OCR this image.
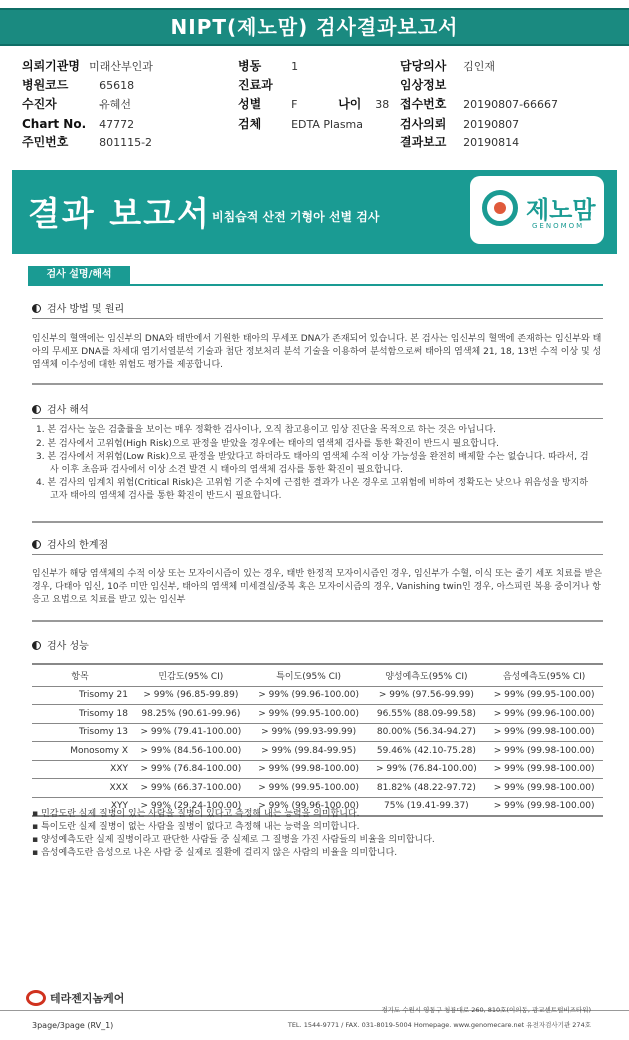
NIPT(제노맘) 검사결과보고서
의뢰기관명 미래산부인과
병원코드	65618
수진자	유혜선
Chart No. 47772
주민번호	801115-2
병동	1
진료과
성별	F	나이 38
검체	EDTA Plasma
담당의사 김인재
임상정보
접수번호 20190807-66667
검사의뢰 20190807
결과보고 20190814
결과 보고서 비침습적 산전 기형아 선별 검사	제노맘
GENOMOM
검사 설명/해석
검사 방법 및 원리
임신부의 혈액에는 임신부의 DNA와 태반에서 기원한 태아의 무세포 DNA가 존재되어 있습니다. 본 검사는 임신부의 혈액에 존재하는 임신부와 태아의 무세포 DNA를 차세대 염기서열분석 기술과 첨단 정보처리 분석 기술을 이용하여 분석함으로써 태아의 염색체 21, 18, 13번 수적 이상 및 성염색체 이수성에 대한 위험도 평가를 제공합니다.
검사 해석
1. 본 검사는 높은 검출률을 보이는 매우 정확한 검사이나, 오직 참고용이고 임상 진단을 목적으로 하는 것은 아닙니다.
2. 본 검사에서 고위험(High Risk)으로 판정을 받았을 경우에는 태아의 염색체 검사를 통한 확진이 반드시 필요합니다.
3. 본 검사에서 저위험(Low Risk)으로 판정을 받았다고 하더라도 태아의 염색체 수적 이상 가능성을 완전히 배제할 수는 없습니다. 따라서, 검사 이후 초음파 검사에서 이상 소견 발견 시 태아의 염색체 검사를 통한 확진이 필요합니다.
4. 본 검사의 임계치 위험(Critical Risk)은 고위험 기준 수치에 근접한 결과가 나온 경우로 고위험에 비하여 정확도는 낮으나 위음성을 방지하고자 태아의 염색체 검사를 통한 확진이 반드시 필요합니다.
검사의 한계점
임신부가 해당 염색체의 수적 이상 또는 모자이시즘이 있는 경우, 태반 한정적 모자이시즘인 경우, 임신부가 수혈, 이식 또는 줄기 세포 치료를 받은 경우, 다태아 임신, 10주 미만 임신부, 태아의 염색체 미세결실/중복 혹은 모자이시즘의 경우, Vanishing twin인 경우, 아스피린 복용 중이거나 항 응고 요법으로 치료를 받고 있는 임신부
검사 성능
항목	민감도(95% CI)	특이도(95% CI)	양성예측도(95% CI)	음성예측도(95% CI)
Trisomy 21	> 99% (96.85-99.89)	> 99% (99.96-100.00)	> 99% (97.56-99.99)	> 99% (99.95-100.00)
Trisomy 18	98.25% (90.61-99.96)	> 99% (99.95-100.00)	96.55% (88.09-99.58)	> 99% (99.96-100.00)
Trisomy 13	> 99% (79.41-100.00)	> 99% (99.93-99.99)	80.00% (56.34-94.27)	> 99% (99.98-100.00)
Monosomy X	> 99% (84.56-100.00)	> 99% (99.84-99.95)	59.46% (42.10-75.28)	> 99% (99.98-100.00)
XXY	> 99% (76.84-100.00)	> 99% (99.98-100.00)	> 99% (76.84-100.00)	> 99% (99.98-100.00)
XXX	> 99% (66.37-100.00)	> 99% (99.95-100.00)	81.82% (48.22-97.72)	> 99% (99.98-100.00)
XYY	> 99% (29.24-100.00)	> 99% (99.96-100.00)	75% (19.41-99.37)	> 99% (99.98-100.00)
▪ 민감도란 실제 질병이 있는 사람을 질병이 있다고 측정해 내는 능력을 의미합니다.
▪ 특이도란 실제 질병이 없는 사람을 질병이 없다고 측정해 내는 능력을 의미합니다.
▪ 양성예측도란 실제 질병이라고 판단한 사람들 중 실제로 그 질병을 가진 사람들의 비율을 의미합니다.
▪ 음성예측도란 음성으로 나온 사람 중 실제로 질환에 걸리지 않은 사람의 비율을 의미합니다.
테라젠지놈케어
경기도 수원시 영통구 청룡대로 260, 810호(이의동, 광교센트럴비즈타워)
TEL. 1544-9771 / FAX. 031-8019-5004 Homepage. www.genomecare.net 유전자검사기관 274호
3page/3page (RV_1)
